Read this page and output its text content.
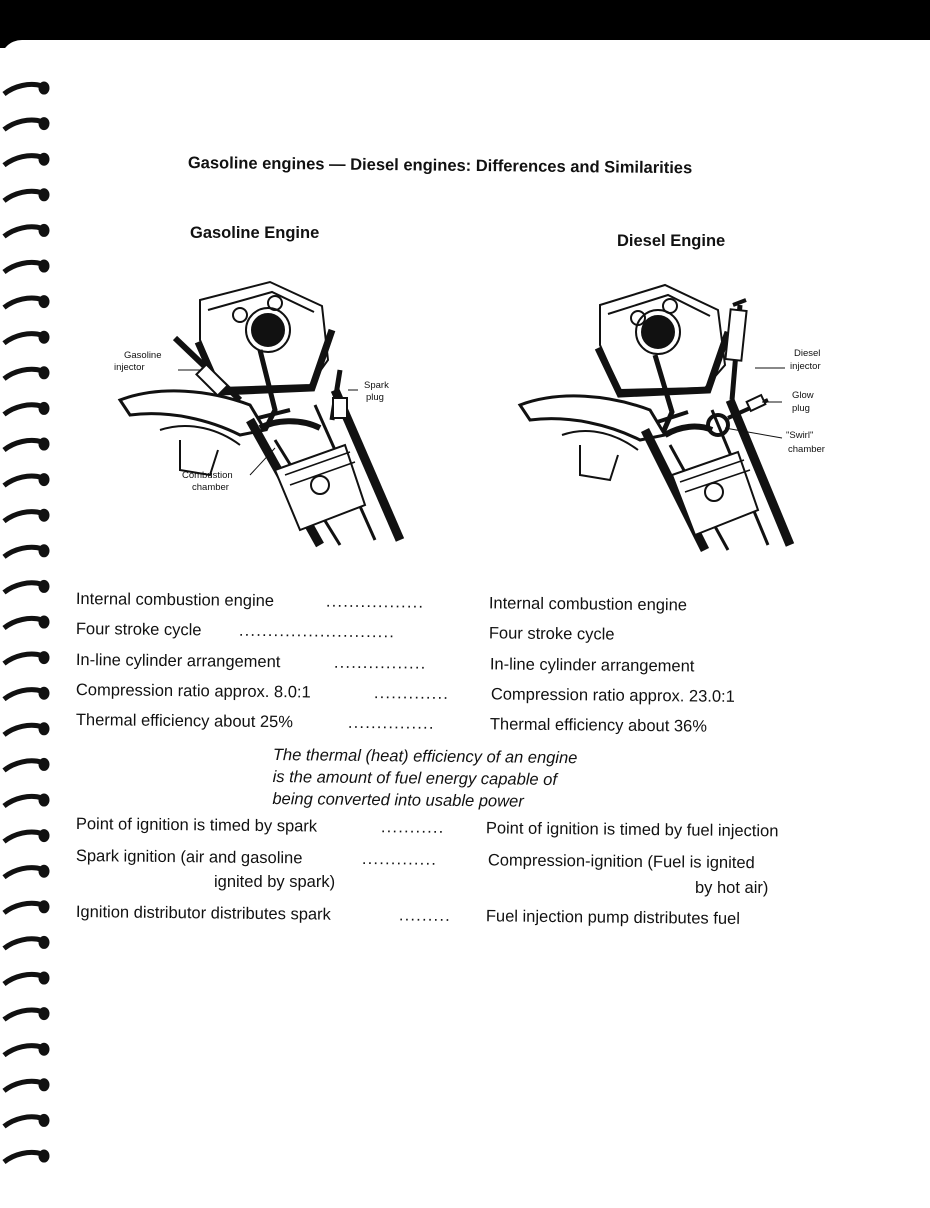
Gasoline engines — Diesel engines: Differences and Similarities
Gasoline Engine	Diesel Engine
Gasoline
injector
Spark
plug
Combustion
chamber
Diesel
injector
Glow
plug
"Swirl"
chamber
Internal combustion engine	.................	Internal combustion engine
Four stroke cycle ...........................	Four stroke cycle
In-line cylinder arrangement	................	In-line cylinder arrangement
Compression ratio approx. 8.0:1	.............	Compression ratio approx. 23.0:1
Thermal efficiency about 25%	...............	Thermal efficiency about 36%
The thermal (heat) efficiency of an engine
is the amount of fuel energy capable of
being converted into usable power
Point of ignition is timed by spark	........... Point of ignition is timed by fuel injection
Spark ignition (air and gasoline	.............	Compression-ignition (Fuel is ignited
ignited by spark)	by hot air)
Ignition distributor distributes spark	......... Fuel injection pump distributes fuel
